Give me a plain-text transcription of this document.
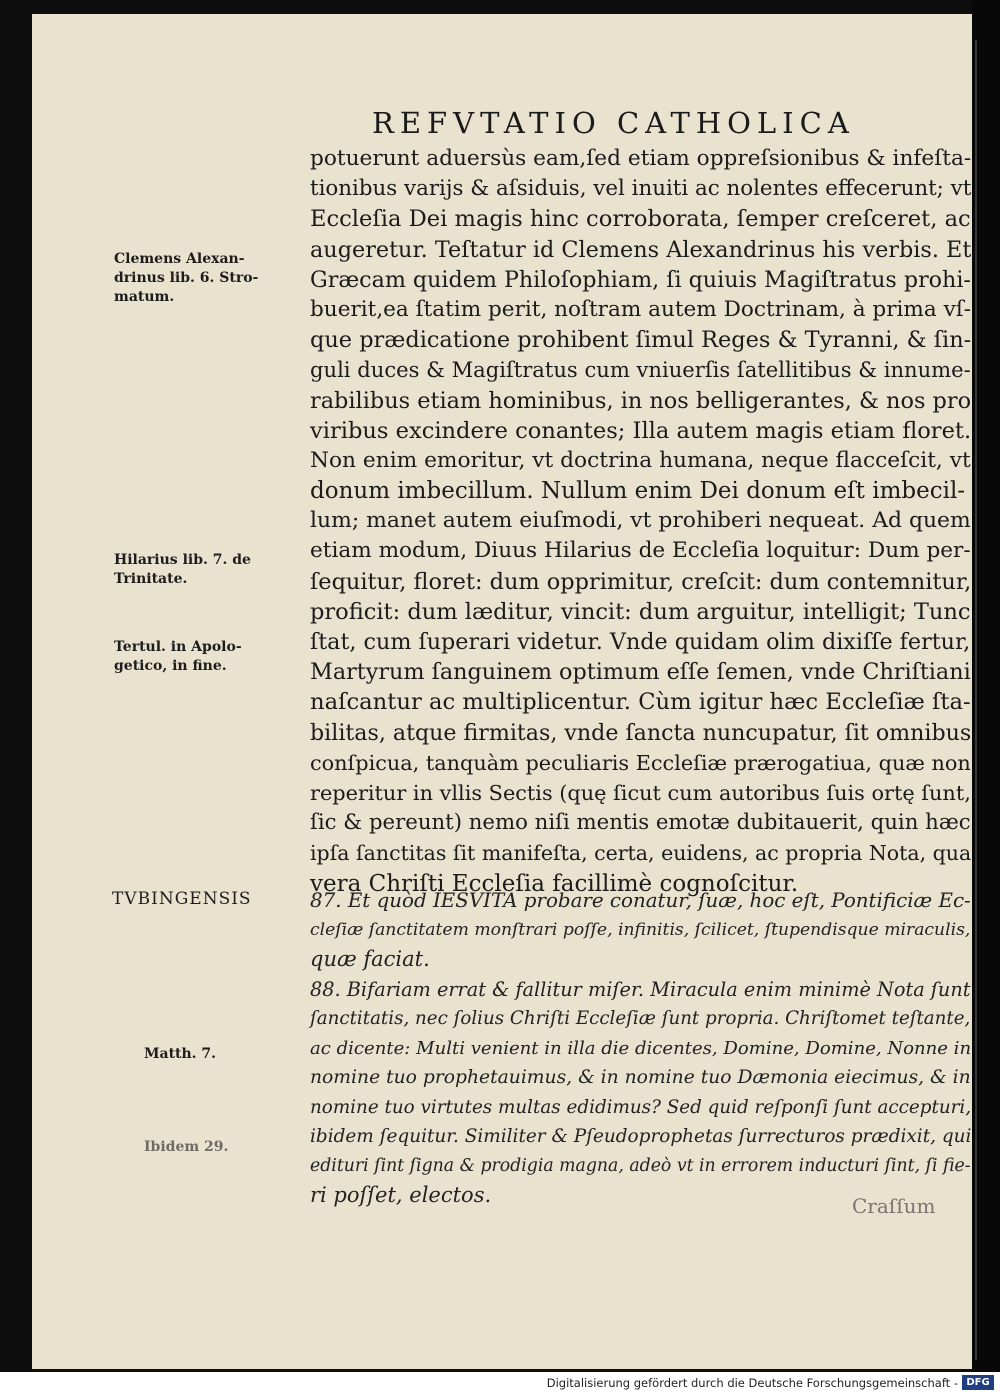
REFVTATIO CATHOLICA
Clemens Alexan-
drinus lib. 6. Stro-
matum.
Hilarius lib. 7. de
Trinitate.
Tertul. in Apolo-
getico, in fine.
TVBINGENSIS
Matth. 7.
Ibidem 29.
potuerunt aduersùs eam,ſed etiam oppreſsionibus & infeſta-
tionibus varijs & aſsiduis, vel inuiti ac nolentes effecerunt; vt
Eccleſia Dei magis hinc corroborata, ſemper creſceret, ac
augeretur. Teſtatur id Clemens Alexandrinus his verbis. Et
Græcam quidem Philoſophiam, ſi quiuis Magiſtratus prohi-
buerit,ea ſtatim perit, noſtram autem Doctrinam, à prima vſ-
que prædicatione prohibent ſimul Reges & Tyranni, & ſin-
guli duces & Magiſtratus cum vniuerſis ſatellitibus & innume-
rabilibus etiam hominibus, in nos belligerantes, & nos pro
viribus excindere conantes; Illa autem magis etiam floret.
Non enim emoritur, vt doctrina humana, neque flacceſcit, vt
donum imbecillum. Nullum enim Dei donum eſt imbecil-
lum; manet autem eiuſmodi, vt prohiberi nequeat. Ad quem
etiam modum, Diuus Hilarius de Eccleſia loquitur: Dum per-
ſequitur, floret: dum opprimitur, creſcit: dum contemnitur,
proficit: dum læditur, vincit: dum arguitur, intelligit; Tunc
ſtat, cum ſuperari videtur. Vnde quidam olim dixiſſe fertur,
Martyrum ſanguinem optimum eſſe ſemen, vnde Chriſtiani
naſcantur ac multiplicentur. Cùm igitur hæc Eccleſiæ ſta-
bilitas, atque firmitas, vnde ſancta nuncupatur, ſit omnibus
conſpicua, tanquàm peculiaris Eccleſiæ prærogatiua, quæ non
reperitur in vllis Sectis (quę ſicut cum autoribus ſuis ortę ſunt,
ſic & pereunt) nemo niſi mentis emotæ dubitauerit, quin hæc
ipſa ſanctitas ſit manifeſta, certa, euidens, ac propria Nota, qua
vera Chriſti Eccleſia facillimè cognoſcitur.
87. Et quòd IESVITA probare conatur, ſuæ, hoc eſt, Pontificiæ Ec-
cleſiæ ſanctitatem monſtrari poſſe, infinitis, ſcilicet, ſtupendisque miraculis,
quæ faciat.
88. Bifariam errat & fallitur miſer. Miracula enim minimè Nota ſunt
ſanctitatis, nec ſolius Chriſti Eccleſiæ ſunt propria. Chriſtomet teſtante,
ac dicente: Multi venient in illa die dicentes, Domine, Domine, Nonne in
nomine tuo prophetauimus, & in nomine tuo Dæmonia eiecimus, & in
nomine tuo virtutes multas edidimus? Sed quid reſponſi ſunt accepturi,
ibidem ſequitur. Similiter & Pſeudoprophetas ſurrecturos prædixit, qui
edituri ſint ſigna & prodigia magna, adeò vt in errorem inducturi ſint, ſi fie-
ri poſſet, electos.	Craſſum
Digitalisierung gefördert durch die Deutsche Forschungsgemeinschaft - DFG
